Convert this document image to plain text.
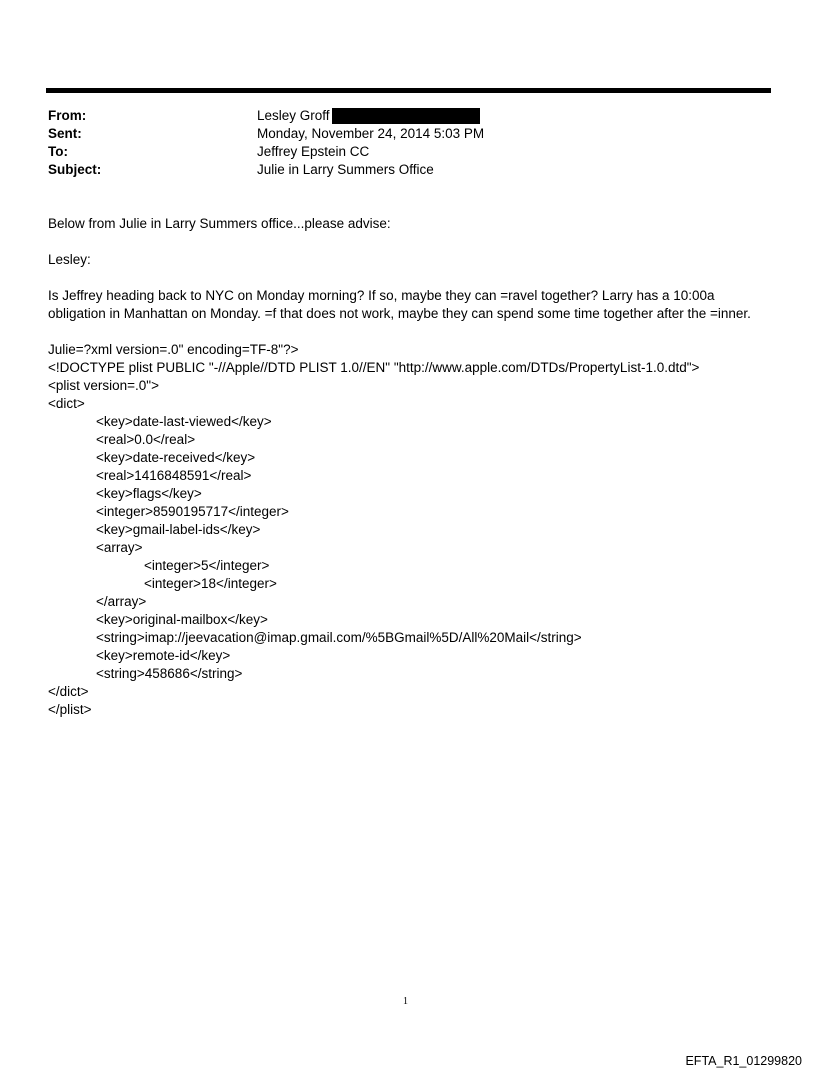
From:	Lesley Groff
Sent:	Monday, November 24, 2014 5:03 PM
To:	Jeffrey Epstein CC
Subject:	Julie in Larry Summers Office
Below from Julie in Larry Summers office...please advise:
Lesley:
Is Jeffrey heading back to NYC on Monday morning? If so, maybe they can =ravel together? Larry has a 10:00a
obligation in Manhattan on Monday. =f that does not work, maybe they can spend some time together after the =inner.
Julie=?xml version=.0" encoding=TF-8"?>
<!DOCTYPE plist PUBLIC "-//Apple//DTD PLIST 1.0//EN" "http://www.apple.com/DTDs/PropertyList-1.0.dtd">
<plist version=.0">
<dict>
<key>date-last-viewed</key>
<real>0.0</real>
<key>date-received</key>
<real>1416848591</real>
<key>flags</key>
<integer>8590195717</integer>
<key>gmail-label-ids</key>
<array>
<integer>5</integer>
<integer>18</integer>
</array>
<key>original-mailbox</key>
<string>imap://jeevacation@imap.gmail.com/%5BGmail%5D/All%20Mail</string>
<key>remote-id</key>
<string>458686</string>
</dict>
</plist>
1
EFTA_R1_01299820
